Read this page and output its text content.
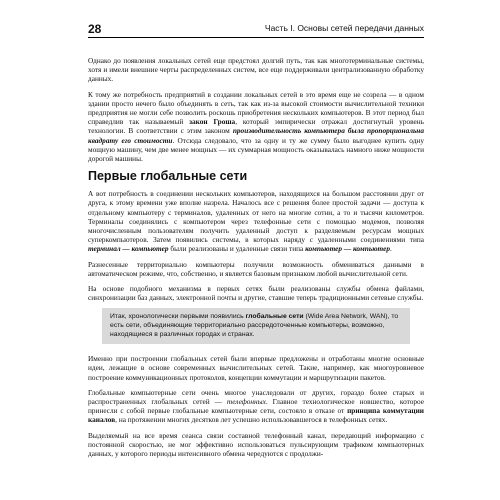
28	Часть I. Основы сетей передачи данных

Однако до появления локальных сетей еще предстоял долгий путь, так как многотерминальные системы, хотя и имели внешние черты распределенных систем, все еще поддерживали централизованную обработку данных.

К тому же потребность предприятий в создании локальных сетей в это время еще не созрела — в одном здании просто нечего было объединять в сеть, так как из-за высокой стоимости вычислительной техники предприятия не могли себе позволить роскошь приобретения нескольких компьютеров. В этот период был справедлив так называемый закон Гроша, который эмпирически отражал достигнутый уровень технологии. В соответствии с этим законом производительность компьютера была пропорциональна квадрату его стоимости. Отсюда следовало, что за одну и ту же сумму было выгоднее купить одну мощную машину, чем две менее мощных — их суммарная мощность оказывалась намного ниже мощности дорогой машины.

Первые глобальные сети

А вот потребность в соединении нескольких компьютеров, находящихся на большом расстоянии друг от друга, к этому времени уже вполне назрела. Началось все с решения более простой задачи — доступа к отдельному компьютеру с терминалов, удаленных от него на многие сотни, а то и тысячи километров. Терминалы соединялись с компьютером через телефонные сети с помощью модемов, позволяя многочисленным пользователям получить удаленный доступ к разделяемым ресурсам мощных суперкомпьютеров. Затем появились системы, в которых наряду с удаленными соединениями типа терминал — компьютер были реализованы и удаленные связи типа компьютер — компьютер.

Разнесенные территориально компьютеры получили возможность обмениваться данными в автоматическом режиме, что, собственно, и является базовым признаком любой вычислительной сети.

На основе подобного механизма в первых сетях были реализованы службы обмена файлами, синхронизации баз данных, электронной почты и другие, ставшие теперь традиционными сетевые службы.

Итак, хронологически первыми появились глобальные сети (Wide Area Network, WAN), то есть сети, объединяющие территориально рассредоточенные компьютеры, возможно, находящиеся в различных городах и странах.

Именно при построении глобальных сетей были впервые предложены и отработаны многие основные идеи, лежащие в основе современных вычислительных сетей. Такие, например, как многоуровневое построение коммуникационных протоколов, концепции коммутации и маршрутизации пакетов.

Глобальные компьютерные сети очень многое унаследовали от других, гораздо более старых и распространенных глобальных сетей — телефонных. Главное технологическое новшество, которое принесли с собой первые глобальные компьютерные сети, состояло в отказе от принципа коммутации каналов, на протяжении многих десятков лет успешно использовавшегося в телефонных сетях.

Выделяемый на все время сеанса связи составной телефонный канал, передающий информацию с постоянной скоростью, не мог эффективно использоваться пульсирующим трафиком компьютерных данных, у которого периоды интенсивного обмена чередуются с продолжи-
